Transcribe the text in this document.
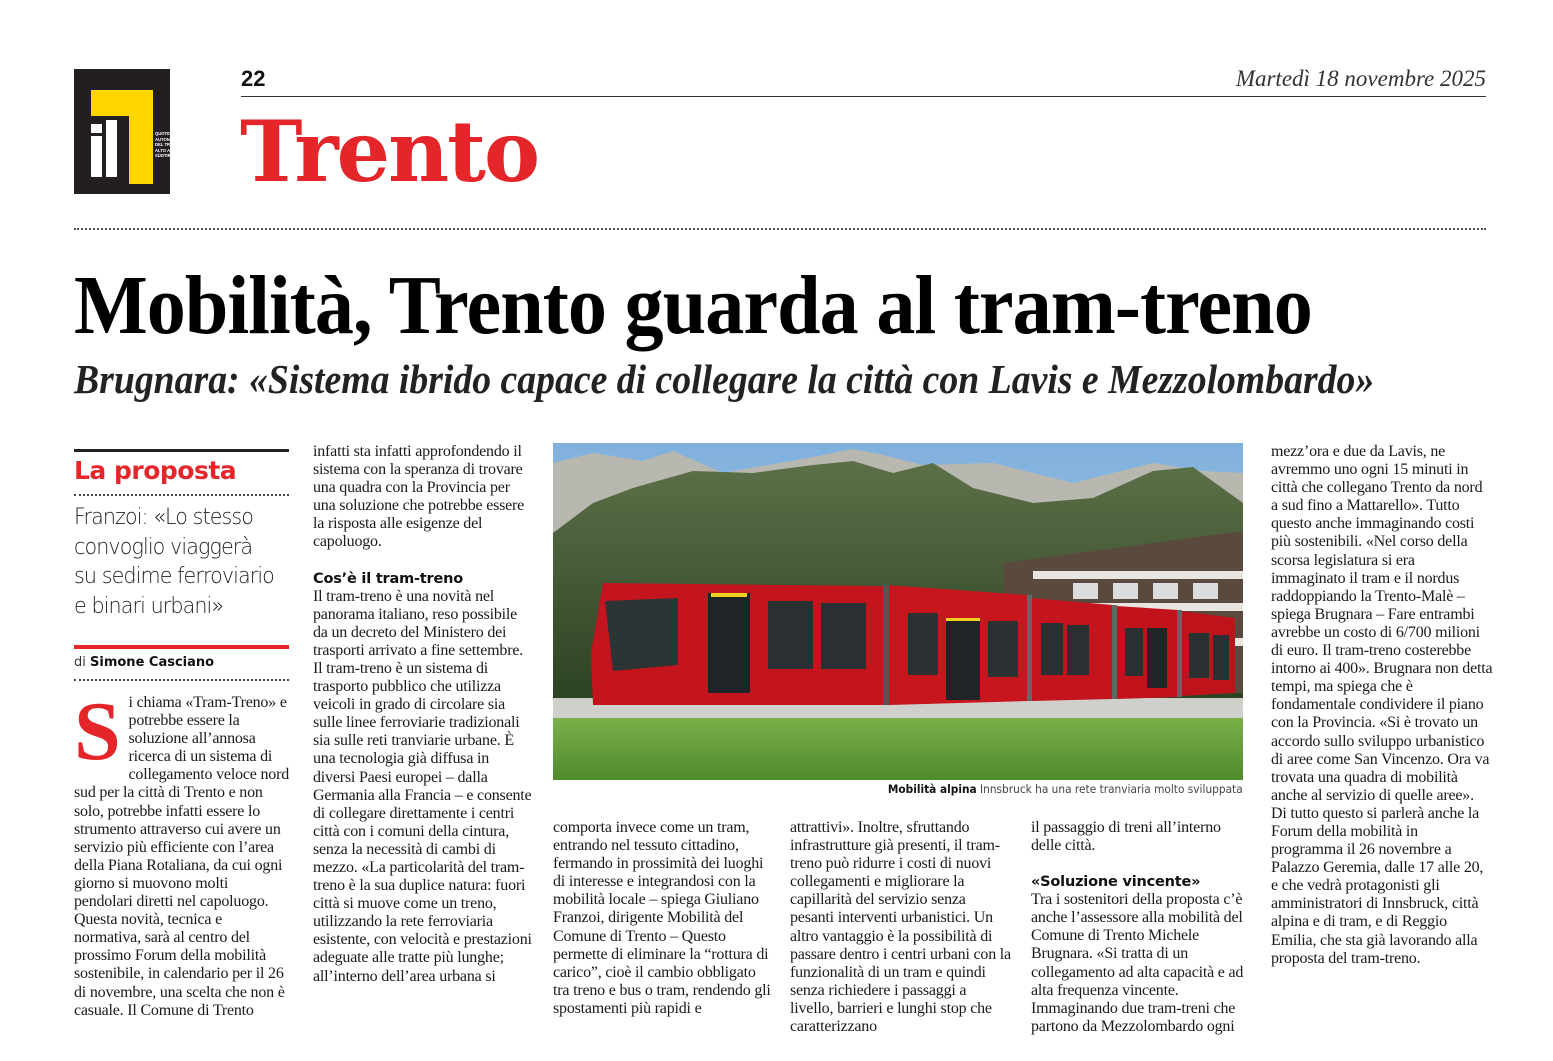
QUOTIDIANO
AUTONOMO
DEL TRENTINO
ALTO ADIGE /
SÜDTIROL
22	Martedì 18 novembre 2025
Trento
Mobilità, Trento guarda al tram-treno
Brugnara: «Sistema ibrido capace di collegare la città con Lavis e Mezzolombardo»
La proposta
Franzoi: «Lo stesso convoglio viaggerà su sedime ferroviario e binari urbani»
di Simone Casciano
S i chiama «Tram-Treno» e potrebbe essere la soluzione all’annosa ricerca di un sistema di collegamento veloce nord sud per la città di Trento e non solo, potrebbe infatti essere lo strumento attraverso cui avere un servizio più efficiente con l’area della Piana Rotaliana, da cui ogni giorno si muovono molti pendolari diretti nel capoluogo. Questa novità, tecnica e normativa, sarà al centro del prossimo Forum della mobilità sostenibile, in calendario per il 26 di novembre, una scelta che non è casuale. Il Comune di Trento

infatti sta infatti approfondendo il sistema con la speranza di trovare una quadra con la Provincia per una soluzione che potrebbe essere la risposta alle esigenze del capoluogo.

Cos’è il tram-treno

Il tram-treno è una novità nel panorama italiano, reso possibile da un decreto del Ministero dei trasporti arrivato a fine settembre. Il tram-treno è un sistema di trasporto pubblico che utilizza veicoli in grado di circolare sia sulle linee ferroviarie tradizionali sia sulle reti tranviarie urbane. È una tecnologia già diffusa in diversi Paesi europei – dalla Germania alla Francia – e consente di collegare direttamente i centri città con i comuni della cintura, senza la necessità di cambi di mezzo. «La particolarità del tram-treno è la sua duplice natura: fuori città si muove come un treno, utilizzando la rete ferroviaria esistente, con velocità e prestazioni adeguate alle tratte più lunghe; all’interno dell’area urbana si

Mobilità alpina Innsbruck ha una rete tranviaria molto sviluppata

comporta invece come un tram, entrando nel tessuto cittadino, fermando in prossimità dei luoghi di interesse e integrandosi con la mobilità locale – spiega Giuliano Franzoi, dirigente Mobilità del Comune di Trento – Questo permette di eliminare la “rottura di carico”, cioè il cambio obbligato tra treno e bus o tram, rendendo gli spostamenti più rapidi e

attrattivi». Inoltre, sfruttando infrastrutture già presenti, il tram-treno può ridurre i costi di nuovi collegamenti e migliorare la capillarità del servizio senza pesanti interventi urbanistici. Un altro vantaggio è la possibilità di passare dentro i centri urbani con la funzionalità di un tram e quindi senza richiedere i passaggi a livello, barrieri e lunghi stop che caratterizzano

il passaggio di treni all’interno delle città.

«Soluzione vincente»

Tra i sostenitori della proposta c’è anche l’assessore alla mobilità del Comune di Trento Michele Brugnara. «Si tratta di un collegamento ad alta capacità e ad alta frequenza vincente. Immaginando due tram-treni che partono da Mezzolombardo ogni

mezz’ora e due da Lavis, ne avremmo uno ogni 15 minuti in città che collegano Trento da nord a sud fino a Mattarello». Tutto questo anche immaginando costi più sostenibili. «Nel corso della scorsa legislatura si era immaginato il tram e il nordus raddoppiando la Trento-Malè – spiega Brugnara – Fare entrambi avrebbe un costo di 6/700 milioni di euro. Il tram-treno costerebbe intorno ai 400». Brugnara non detta tempi, ma spiega che è fondamentale condividere il piano con la Provincia. «Si è trovato un accordo sullo sviluppo urbanistico di aree come San Vincenzo. Ora va trovata una quadra di mobilità anche al servizio di quelle aree». Di tutto questo si parlerà anche la Forum della mobilità in programma il 26 novembre a Palazzo Geremia, dalle 17 alle 20, e che vedrà protagonisti gli amministratori di Innsbruck, città alpina e di tram, e di Reggio Emilia, che sta già lavorando alla proposta del tram-treno.
